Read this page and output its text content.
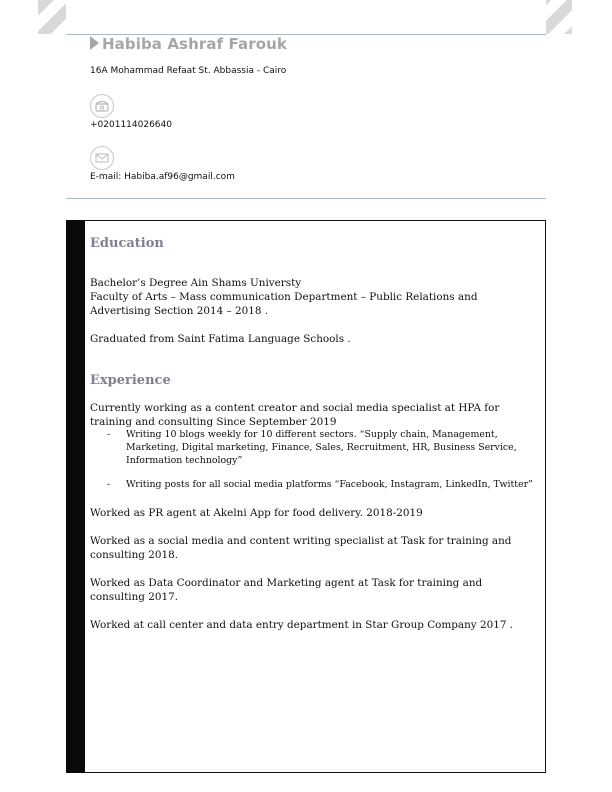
Habiba Ashraf Farouk
16A Mohammad Refaat St. Abbassia - Cairo
+0201114026640
E-mail: Habiba.af96@gmail.com
Education

Bachelor’s Degree Ain Shams Universty

Faculty of Arts – Mass communication Department – Public Relations and Advertising Section 2014 – 2018 .

Graduated from Saint Fatima Language Schools .

Experience

Currently working as a content creator and social media specialist at HPA for training and consulting Since September 2019

- Writing 10 blogs weekly for 10 different sectors. “Supply chain, Management, Marketing, Digital marketing, Finance, Sales, Recruitment, HR, Business Service, Information technology”
- Writing posts for all social media platforms “Facebook, Instagram, LinkedIn, Twitter”

Worked as PR agent at Akelni App for food delivery. 2018-2019

Worked as a social media and content writing specialist at Task for training and consulting 2018.

Worked as Data Coordinator and Marketing agent at Task for training and consulting 2017.

Worked at call center and data entry department in Star Group Company 2017 .
